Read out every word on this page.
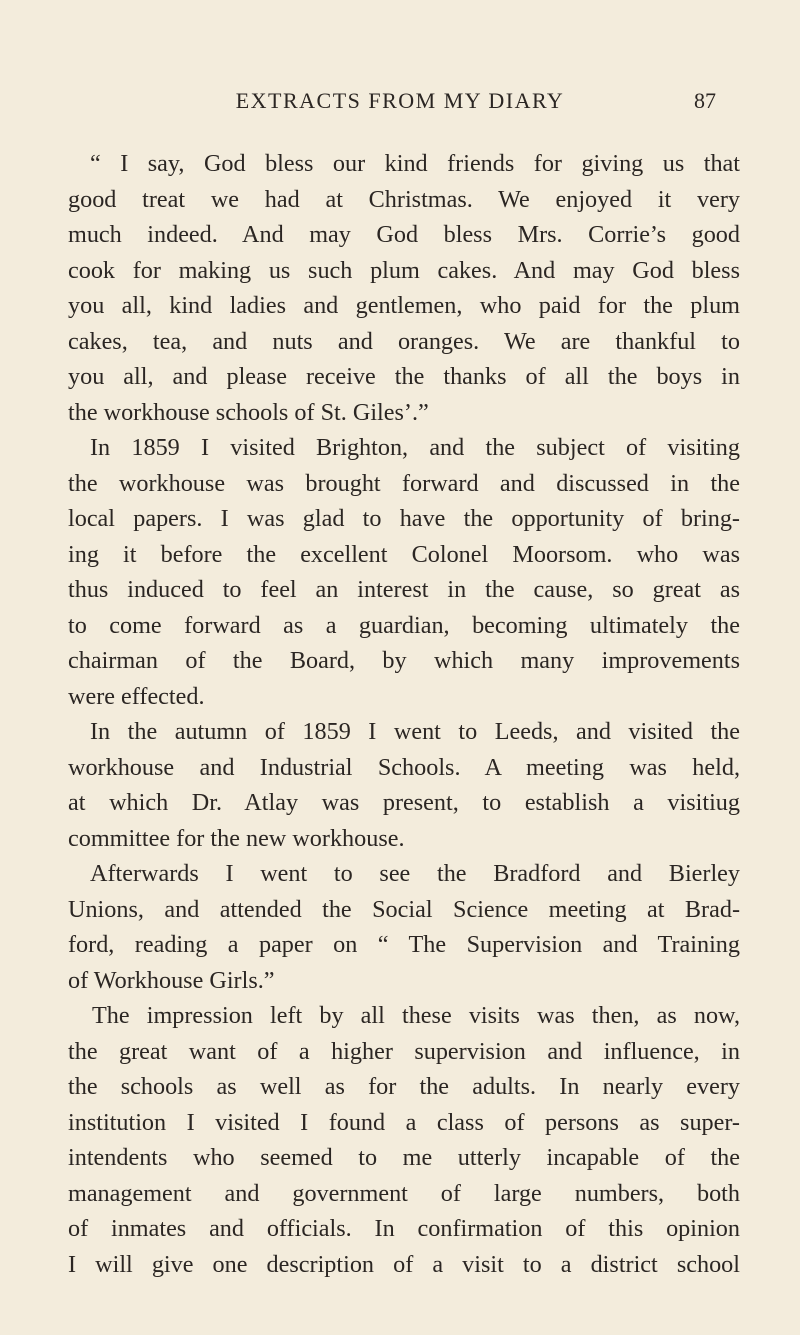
EXTRACTS FROM MY DIARY	87
“ I say, God bless our kind friends for giving us that
good treat we had at Christmas. We enjoyed it very
much indeed. And may God bless Mrs. Corrie’s good
cook for making us such plum cakes. And may God bless
you all, kind ladies and gentlemen, who paid for the plum
cakes, tea, and nuts and oranges. We are thankful to
you all, and please receive the thanks of all the boys in
the workhouse schools of St. Giles’.”
In 1859 I visited Brighton, and the subject of visiting
the workhouse was brought forward and discussed in the
local papers. I was glad to have the opportunity of bring-
ing it before the excellent Colonel Moorsom. who was
thus induced to feel an interest in the cause, so great as
to come forward as a guardian, becoming ultimately the
chairman of the Board, by which many improvements
were effected.
In the autumn of 1859 I went to Leeds, and visited the
workhouse and Industrial Schools. A meeting was held,
at which Dr. Atlay was present, to establish a visitiug
committee for the new workhouse.
Afterwards I went to see the Bradford and Bierley
Unions, and attended the Social Science meeting at Brad-
ford, reading a paper on “ The Supervision and Training
of Workhouse Girls.”
The impression left by all these visits was then, as now,
the great want of a higher supervision and influence, in
the schools as well as for the adults. In nearly every
institution I visited I found a class of persons as super-
intendents who seemed to me utterly incapable of the
management and government of large numbers, both
of inmates and officials. In confirmation of this opinion
I will give one description of a visit to a district school
